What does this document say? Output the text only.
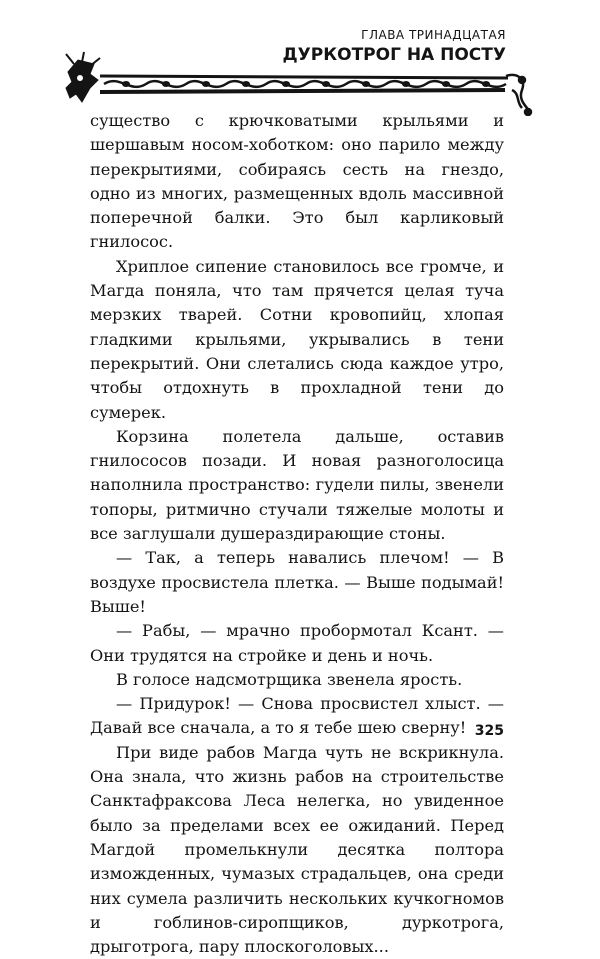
ГЛАВА ТРИНАДЦАТАЯ
ДУРКОТРОГ НА ПОСТУ

существо с крючковатыми крыльями и шершавым носом-хоботком: оно парило между перекрытиями, собираясь сесть на гнездо, одно из многих, размещенных вдоль массивной поперечной балки. Это был карликовый гнилосос.

Хриплое сипение становилось все громче, и Магда поняла, что там прячется целая туча мерзких тварей. Сотни кровопийц, хлопая гладкими крыльями, укрывались в тени перекрытий. Они слетались сюда каждое утро, чтобы отдохнуть в прохладной тени до сумерек.

Корзина полетела дальше, оставив гнилососов позади. И новая разноголосица наполнила пространство: гудели пилы, звенели топоры, ритмично стучали тяжелые молоты и все заглушали душераздирающие стоны.

— Так, а теперь навались плечом! — В воздухе просвистела плетка. — Выше подымай! Выше!

— Рабы, — мрачно пробормотал Ксант. — Они трудятся на стройке и день и ночь.

В голосе надсмотрщика звенела ярость.

— Придурок! — Снова просвистел хлыст. — Давай все сначала, а то я тебе шею сверну!

При виде рабов Магда чуть не вскрикнула. Она знала, что жизнь рабов на строительстве Санктафраксова Леса нелегка, но увиденное было за пределами всех ее ожиданий. Перед Магдой промелькнули десятка полтора изможденных, чумазых страдальцев, она среди них сумела различить нескольких кучкогномов и гоблинов-сиропщиков, дуркотрога, дрыготрога, пару плоскоголовых...

325
